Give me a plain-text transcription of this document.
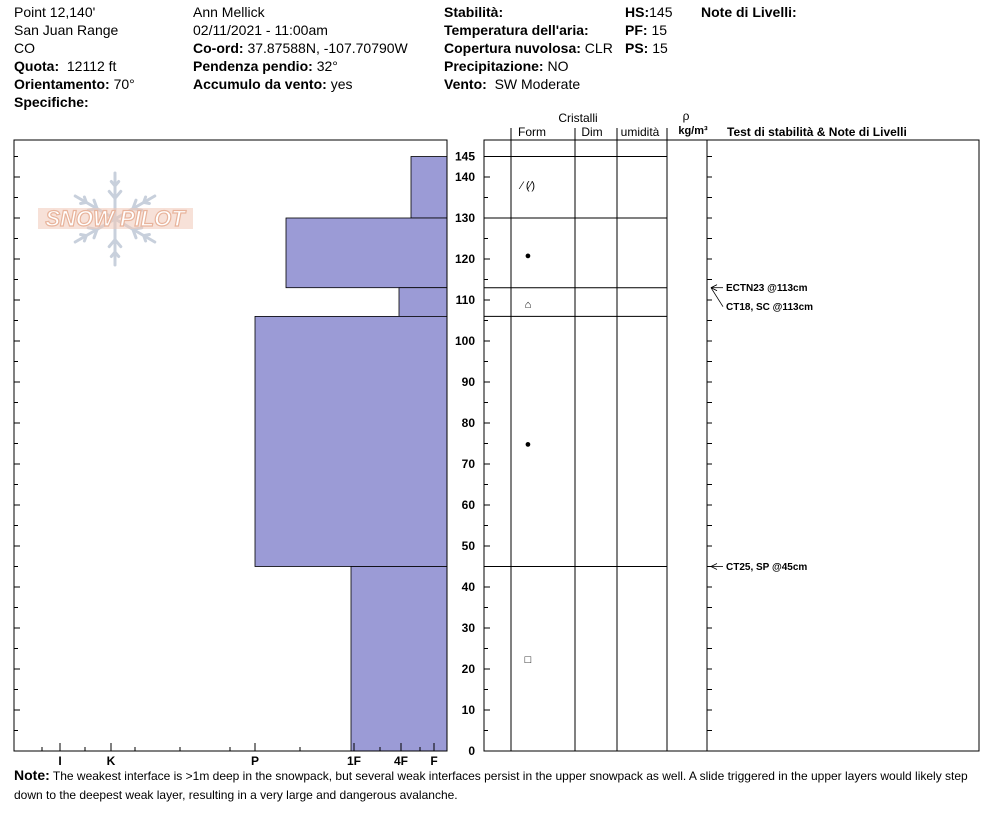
Point 12,140'
San Juan Range
CO
Quota: 12112 ft
Orientamento: 70°
Specifiche:
Ann Mellick
02/11/2021 - 11:00am
Co-ord: 37.87588N, -107.70790W
Pendenza pendio: 32°
Accumulo da vento: yes
Stabilità:
Temperatura dell'aria:
Copertura nuvolosa: CLR
Precipitazione: NO
Vento: SW Moderate
HS:145
PF: 15
PS: 15
Note di Livelli:
SNOW PILOT
I	K	P	1F	4F F
0
10
20
30
40
50
60
70
80
90
100
110
120
130
140
145
Cristalli
Form	Dim umidità
ρ
kg/m³ Test di stabilità & Note di Livelli
⁄ (⁄)
●
⌂
●
□
CT25, SP @45cm
ECTN23 @113cm
CT18, SC @113cm
Note: The weakest interface is >1m deep in the snowpack, but several weak interfaces persist in the upper snowpack as well. A slide triggered in the upper layers would likely step down to the deepest weak layer, resulting in a very large and dangerous avalanche.
